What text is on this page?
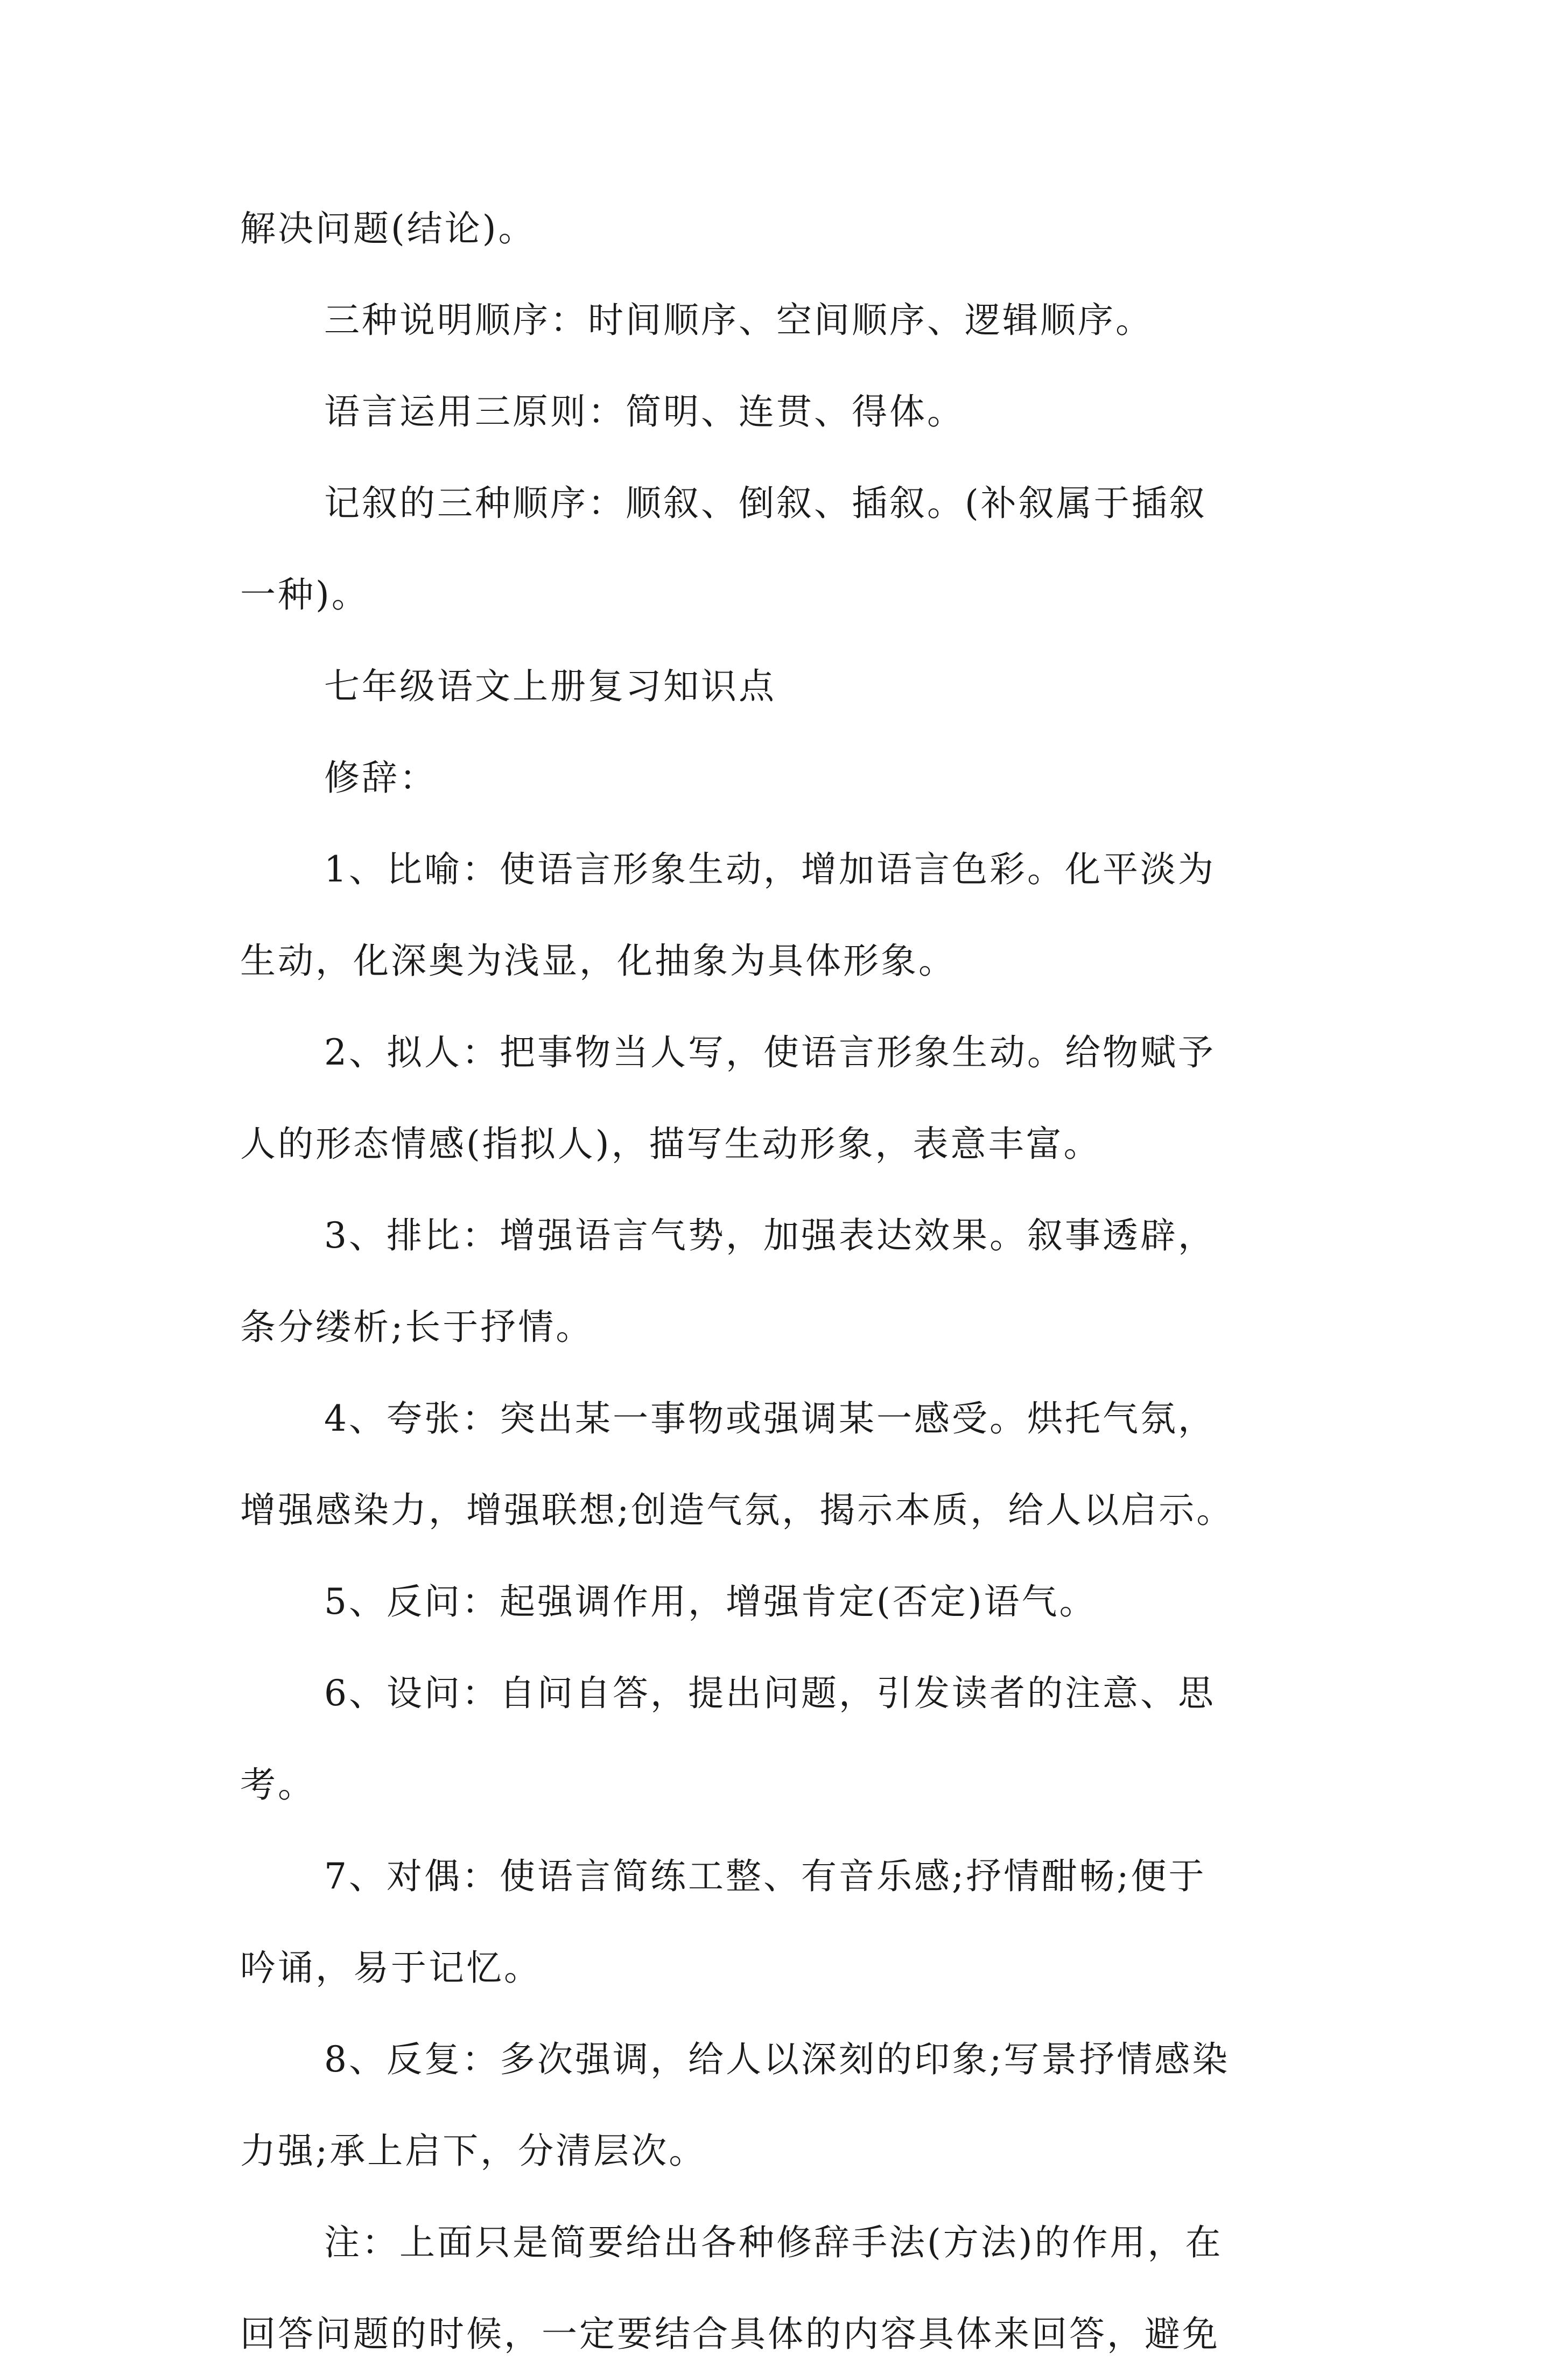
解决问题(结论)。
三种说明顺序：时间顺序、空间顺序、逻辑顺序。
语言运用三原则：简明、连贯、得体。
记叙的三种顺序：顺叙、倒叙、插叙。(补叙属于插叙
一种)。
七年级语文上册复习知识点
修辞：
1、比喻：使语言形象生动，增加语言色彩。化平淡为
生动，化深奥为浅显，化抽象为具体形象。
2、拟人：把事物当人写，使语言形象生动。给物赋予
人的形态情感(指拟人)，描写生动形象，表意丰富。
3、排比：增强语言气势，加强表达效果。叙事透辟，
条分缕析;长于抒情。
4、夸张：突出某一事物或强调某一感受。烘托气氛，
增强感染力，增强联想;创造气氛，揭示本质，给人以启示。
5、反问：起强调作用，增强肯定(否定)语气。
6、设问：自问自答，提出问题，引发读者的注意、思
考。
7、对偶：使语言简练工整、有音乐感;抒情酣畅;便于
吟诵，易于记忆。
8、反复：多次强调，给人以深刻的印象;写景抒情感染
力强;承上启下，分清层次。
注：上面只是简要给出各种修辞手法(方法)的作用，在
回答问题的时候，一定要结合具体的内容具体来回答，避免
